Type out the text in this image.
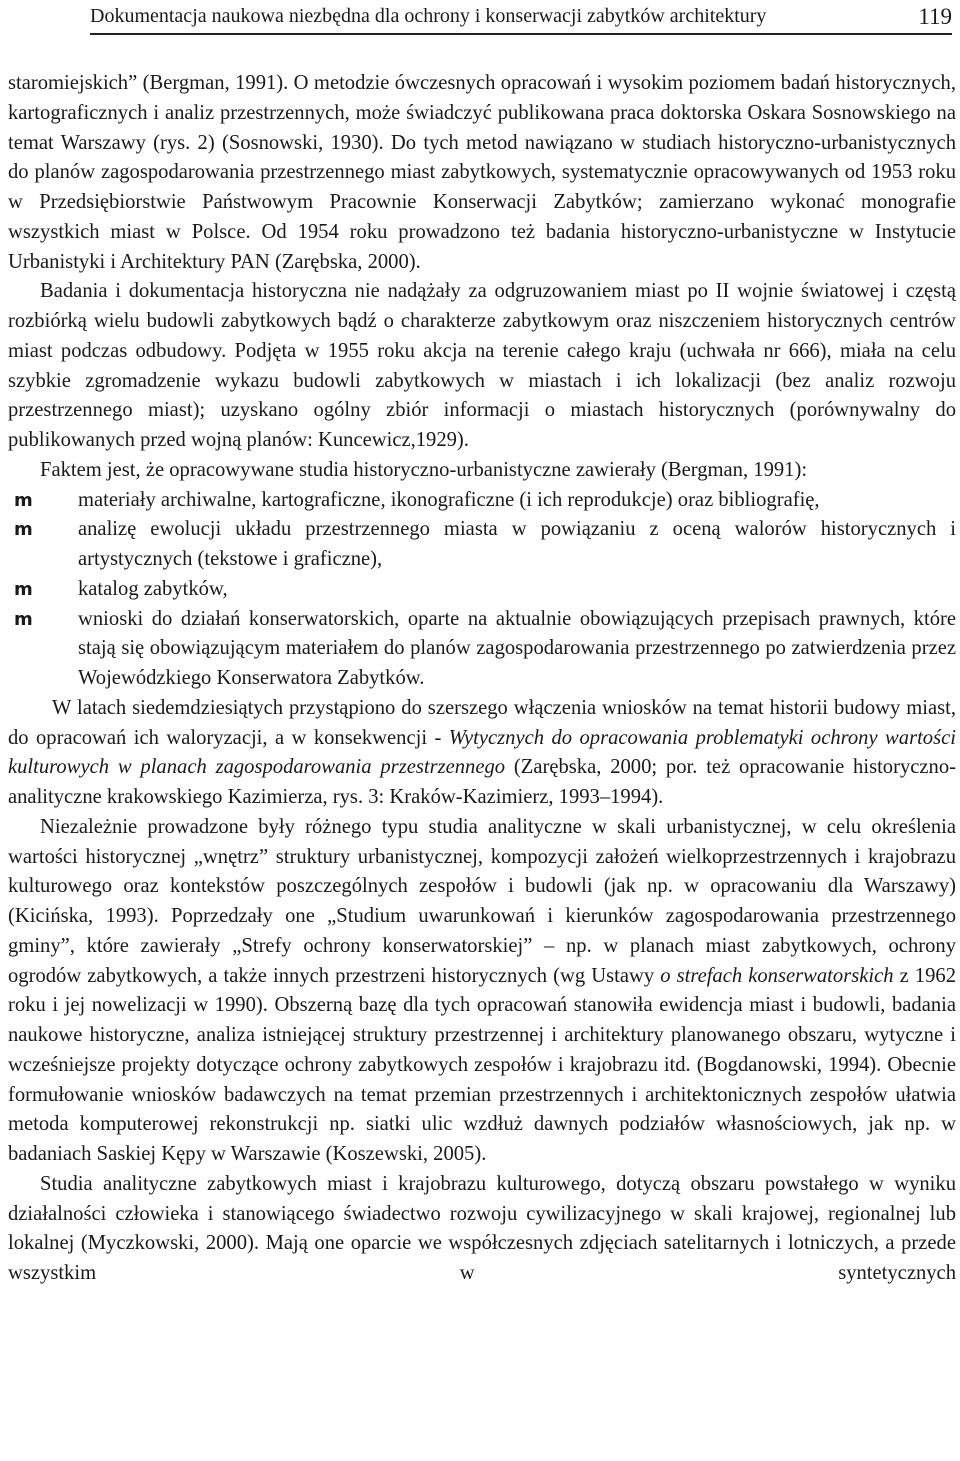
Dokumentacja naukowa niezbędna dla ochrony i konserwacji zabytków architektury	119

staromiejskich” (Bergman, 1991). O metodzie ówczesnych opracowań i wysokim poziomem badań historycznych, kartograficznych i analiz przestrzennych, może świadczyć publikowana praca doktorska Oskara Sosnowskiego na temat Warszawy (rys. 2) (Sosnowski, 1930). Do tych metod nawiązano w studiach historyczno-urbanistycznych do planów zagospodarowania przestrzennego miast zabytkowych, systematycznie opracowywanych od 1953 roku w Przedsiębiorstwie Państwowym Pracownie Konserwacji Zabytków; zamierzano wykonać monografie wszystkich miast w Polsce. Od 1954 roku prowadzono też badania historyczno-urbanistyczne w Instytucie Urbanistyki i Architektury PAN (Zarębska, 2000).

Badania i dokumentacja historyczna nie nadążały za odgruzowaniem miast po II wojnie światowej i częstą rozbiórką wielu budowli zabytkowych bądź o charakterze zabytkowym oraz niszczeniem historycznych centrów miast podczas odbudowy. Podjęta w 1955 roku akcja na terenie całego kraju (uchwała nr 666), miała na celu szybkie zgromadzenie wykazu budowli zabytkowych w miastach i ich lokalizacji (bez analiz rozwoju przestrzennego miast); uzyskano ogólny zbiór informacji o miastach historycznych (porównywalny do publikowanych przed wojną planów: Kuncewicz,1929).

Faktem jest, że opracowywane studia historyczno-urbanistyczne zawierały (Bergman, 1991):

m materiały archiwalne, kartograficzne, ikonograficzne (i ich reprodukcje) oraz bibliografię,
m analizę ewolucji układu przestrzennego miasta w powiązaniu z oceną walorów historycznych i artystycznych (tekstowe i graficzne),
m katalog zabytków,
m wnioski do działań konserwatorskich, oparte na aktualnie obowiązujących przepisach prawnych, które stają się obowiązującym materiałem do planów zagospodarowania przestrzennego po zatwierdzenia przez Wojewódzkiego Konserwatora Zabytków.

W latach siedemdziesiątych przystąpiono do szerszego włączenia wniosków na temat historii budowy miast, do opracowań ich waloryzacji, a w konsekwencji - Wytycznych do opracowania problematyki ochrony wartości kulturowych w planach zagospodarowania przestrzennego (Zarębska, 2000; por. też opracowanie historyczno-analityczne krakowskiego Kazimierza, rys. 3: Kraków-Kazimierz, 1993–1994).

Niezależnie prowadzone były różnego typu studia analityczne w skali urbanistycznej, w celu określenia wartości historycznej „wnętrz” struktury urbanistycznej, kompozycji założeń wielkoprzestrzennych i krajobrazu kulturowego oraz kontekstów poszczególnych zespołów i budowli (jak np. w opracowaniu dla Warszawy) (Kicińska, 1993). Poprzedzały one „Studium uwarunkowań i kierunków zagospodarowania przestrzennego gminy”, które zawierały „Strefy ochrony konserwatorskiej” – np. w planach miast zabytkowych, ochrony ogrodów zabytkowych, a także innych przestrzeni historycznych (wg Ustawy o strefach konserwatorskich z 1962 roku i jej nowelizacji w 1990). Obszerną bazę dla tych opracowań stanowiła ewidencja miast i budowli, badania naukowe historyczne, analiza istniejącej struktury przestrzennej i architektury planowanego obszaru, wytyczne i wcześniejsze projekty dotyczące ochrony zabytkowych zespołów i krajobrazu itd. (Bogdanowski, 1994). Obecnie formułowanie wniosków badawczych na temat przemian przestrzennych i architektonicznych zespołów ułatwia metoda komputerowej rekonstrukcji np. siatki ulic wzdłuż dawnych podziałów własnościowych, jak np. w badaniach Saskiej Kępy w Warszawie (Koszewski, 2005).

Studia analityczne zabytkowych miast i krajobrazu kulturowego, dotyczą obszaru powstałego w wyniku działalności człowieka i stanowiącego świadectwo rozwoju cywilizacyjnego w skali krajowej, regionalnej lub lokalnej (Myczkowski, 2000). Mają one oparcie we współczesnych zdjęciach satelitarnych i lotniczych, a przede wszystkim w syntetycznych
